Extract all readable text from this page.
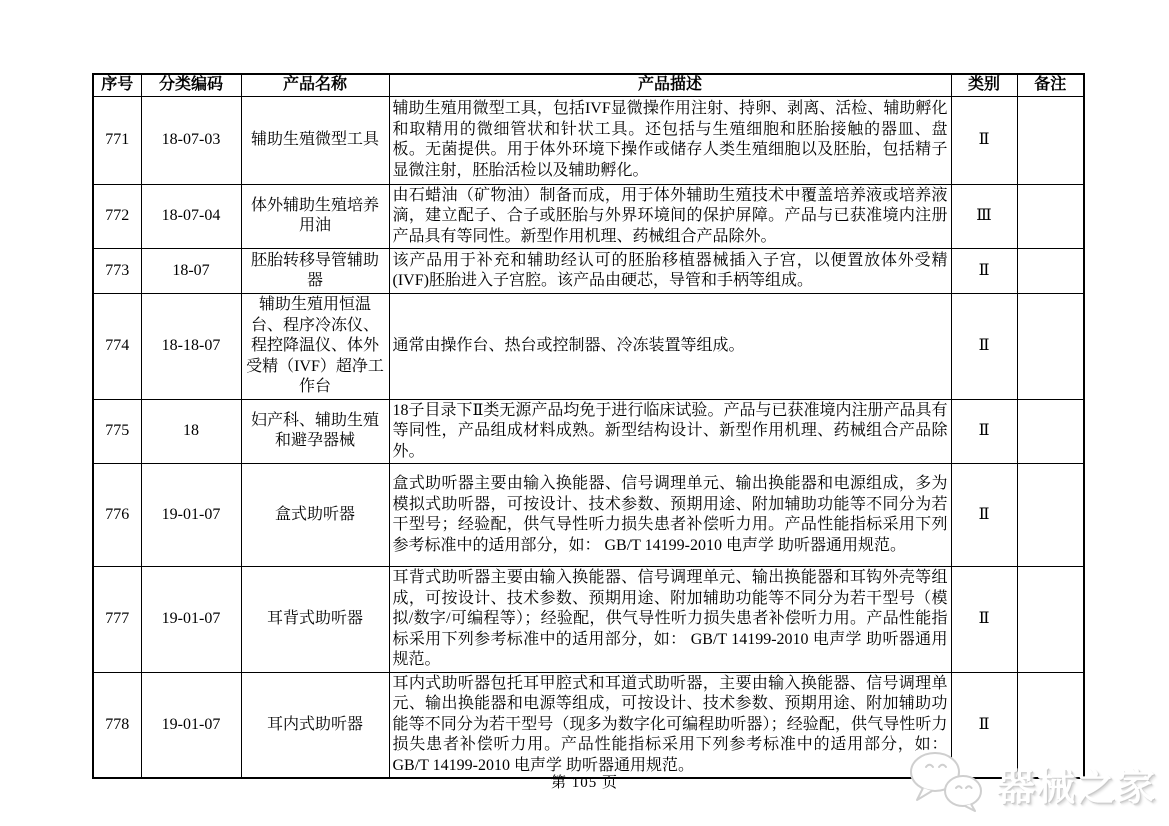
序号	分类编码	产品名称	产品描述	类别	备注
771	18-07-03	辅助生殖微型工具	辅助生殖用微型工具，包括IVF显微操作用注射、持卵、剥离、活检、辅助孵化和取精用的微细管状和针状工具。还包括与生殖细胞和胚胎接触的器皿、盘板。无菌提供。用于体外环境下操作或储存人类生殖细胞以及胚胎，包括精子显微注射，胚胎活检以及辅助孵化。	Ⅱ	
772	18-07-04	体外辅助生殖培养用油	由石蜡油（矿物油）制备而成，用于体外辅助生殖技术中覆盖培养液或培养液滴，建立配子、合子或胚胎与外界环境间的保护屏障。产品与已获准境内注册产品具有等同性。新型作用机理、药械组合产品除外。	Ⅲ	
773	18-07	胚胎转移导管辅助器	该产品用于补充和辅助经认可的胚胎移植器械插入子宫，以便置放体外受精(IVF)胚胎进入子宫腔。该产品由硬芯，导管和手柄等组成。	Ⅱ	
774	18-18-07	辅助生殖用恒温台、程序冷冻仪、程控降温仪、体外受精（IVF）超净工作台	通常由操作台、热台或控制器、冷冻装置等组成。	Ⅱ	
775	18	妇产科、辅助生殖和避孕器械	18子目录下Ⅱ类无源产品均免于进行临床试验。产品与已获准境内注册产品具有等同性，产品组成材料成熟。新型结构设计、新型作用机理、药械组合产品除外。	Ⅱ	
776	19-01-07	盒式助听器	盒式助听器主要由输入换能器、信号调理单元、输出换能器和电源组成，多为模拟式助听器，可按设计、技术参数、预期用途、附加辅助功能等不同分为若干型号；经验配，供气导性听力损失患者补偿听力用。产品性能指标采用下列参考标准中的适用部分，如： GB/T 14199-2010 电声学 助听器通用规范。	Ⅱ	
777	19-01-07	耳背式助听器	耳背式助听器主要由输入换能器、信号调理单元、输出换能器和耳钩外壳等组成，可按设计、技术参数、预期用途、附加辅助功能等不同分为若干型号（模拟/数字/可编程等）；经验配，供气导性听力损失患者补偿听力用。产品性能指标采用下列参考标准中的适用部分，如： GB/T 14199-2010 电声学 助听器通用规范。	Ⅱ	
778	19-01-07	耳内式助听器	耳内式助听器包托耳甲腔式和耳道式助听器，主要由输入换能器、信号调理单元、输出换能器和电源等组成，可按设计、技术参数、预期用途、附加辅助功能等不同分为若干型号（现多为数字化可编程助听器）；经验配，供气导性听力损失患者补偿听力用。产品性能指标采用下列参考标准中的适用部分，如： GB/T 14199-2010 电声学 助听器通用规范。	Ⅱ	
第 105 页	器械之家
